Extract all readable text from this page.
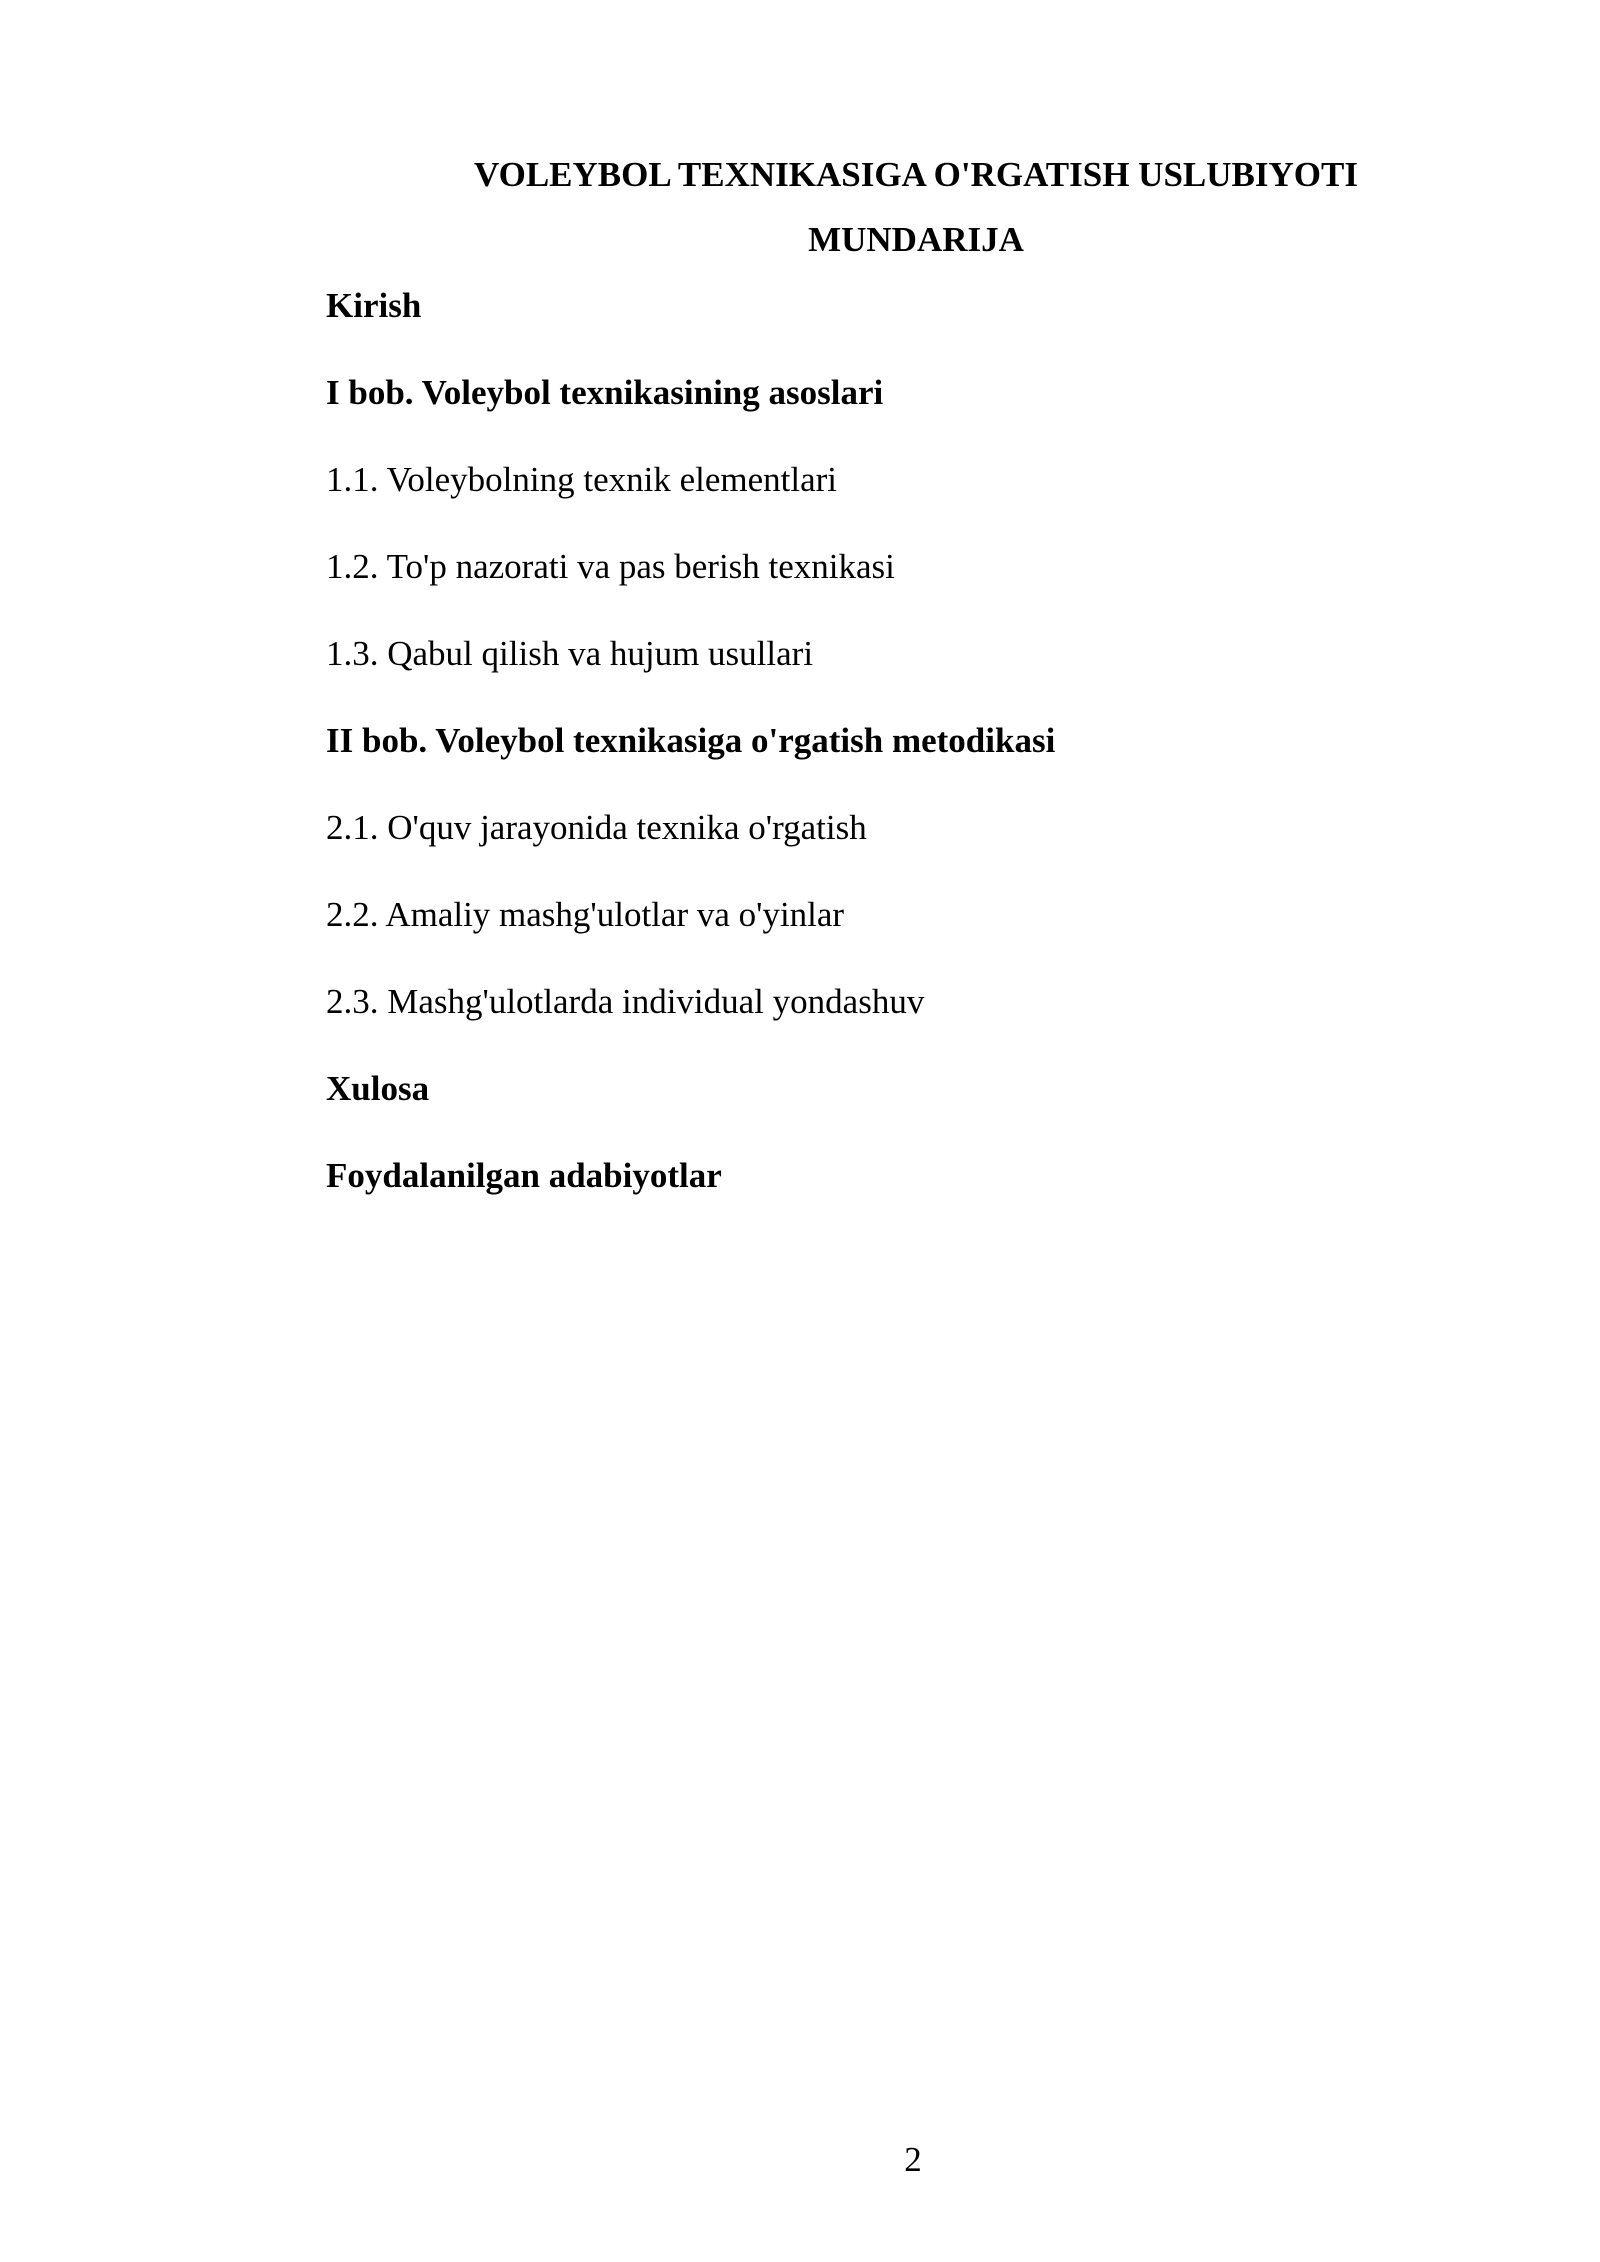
VOLEYBOL TEXNIKASIGA O'RGATISH USLUBIYOTI
MUNDARIJA
Kirish
I bob. Voleybol texnikasining asoslari
1.1. Voleybolning texnik elementlari
1.2. To'p nazorati va pas berish texnikasi
1.3. Qabul qilish va hujum usullari
II bob. Voleybol texnikasiga o'rgatish metodikasi
2.1. O'quv jarayonida texnika o'rgatish
2.2. Amaliy mashg'ulotlar va o'yinlar
2.3. Mashg'ulotlarda individual yondashuv
Xulosa
Foydalanilgan adabiyotlar
2
